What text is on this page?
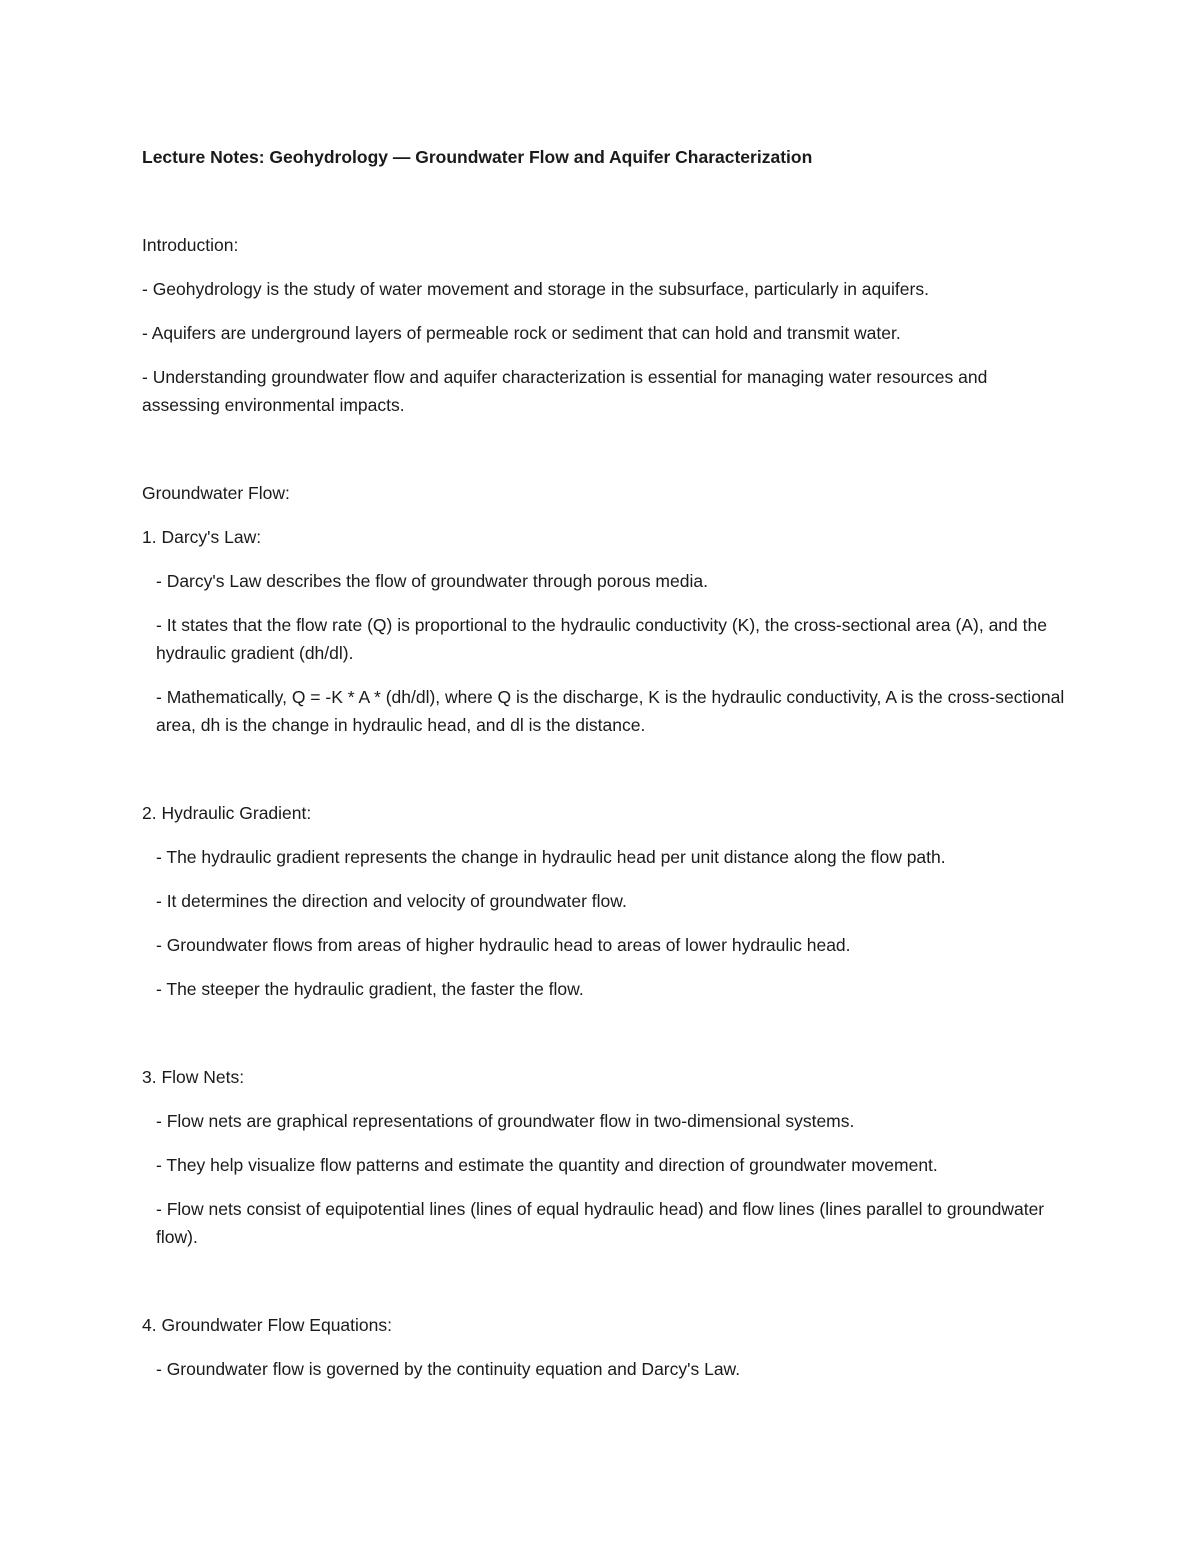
Lecture Notes: Geohydrology — Groundwater Flow and Aquifer Characterization

Introduction:

- Geohydrology is the study of water movement and storage in the subsurface, particularly in aquifers.

- Aquifers are underground layers of permeable rock or sediment that can hold and transmit water.

- Understanding groundwater flow and aquifer characterization is essential for managing water resources and assessing environmental impacts.

Groundwater Flow:

1. Darcy's Law:

- Darcy's Law describes the flow of groundwater through porous media.

- It states that the flow rate (Q) is proportional to the hydraulic conductivity (K), the cross-sectional area (A), and the hydraulic gradient (dh/dl).

- Mathematically, Q = -K * A * (dh/dl), where Q is the discharge, K is the hydraulic conductivity, A is the cross-sectional area, dh is the change in hydraulic head, and dl is the distance.

2. Hydraulic Gradient:

- The hydraulic gradient represents the change in hydraulic head per unit distance along the flow path.

- It determines the direction and velocity of groundwater flow.

- Groundwater flows from areas of higher hydraulic head to areas of lower hydraulic head.

- The steeper the hydraulic gradient, the faster the flow.

3. Flow Nets:

- Flow nets are graphical representations of groundwater flow in two-dimensional systems.

- They help visualize flow patterns and estimate the quantity and direction of groundwater movement.

- Flow nets consist of equipotential lines (lines of equal hydraulic head) and flow lines (lines parallel to groundwater flow).

4. Groundwater Flow Equations:

- Groundwater flow is governed by the continuity equation and Darcy's Law.
